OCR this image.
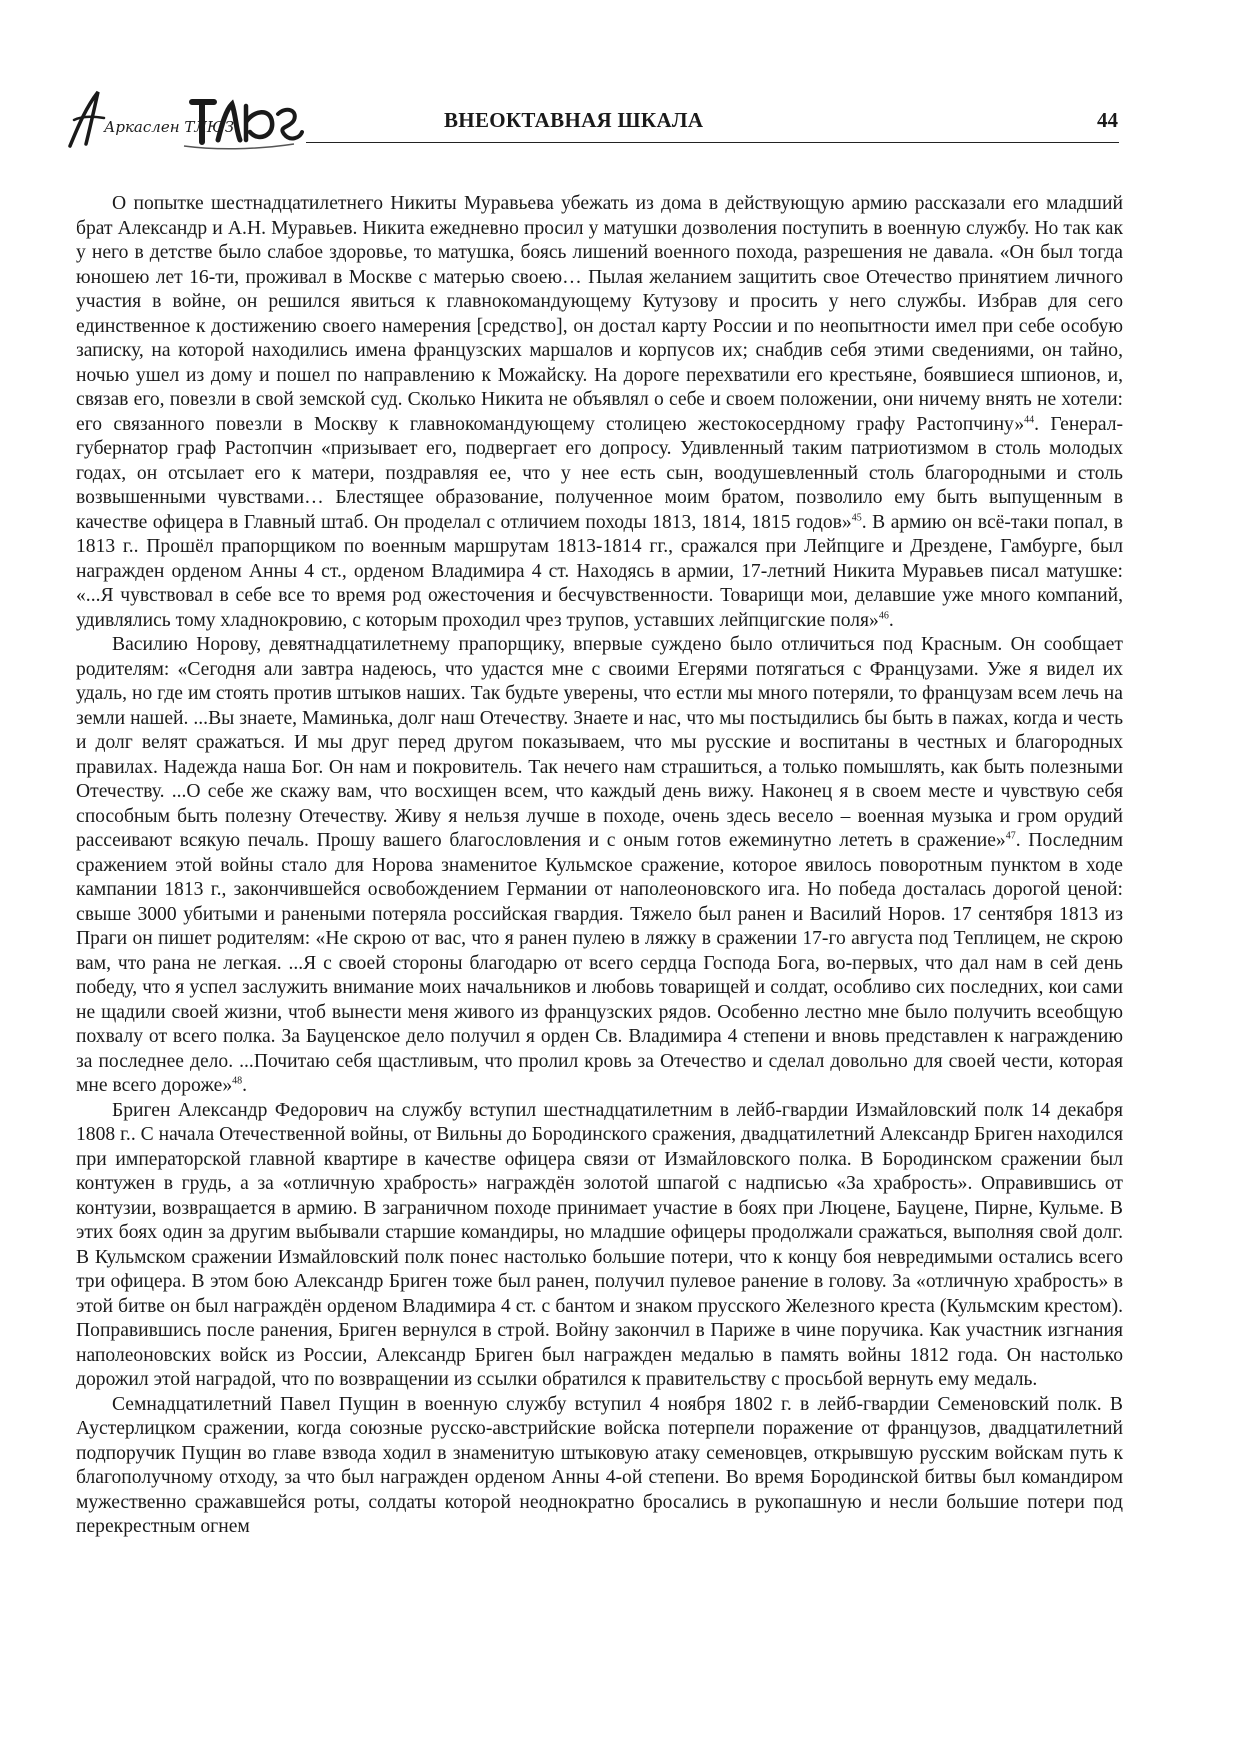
Аркаслен ТЛЮЗ	ВНЕОКТАВНАЯ ШКАЛА	44

О попытке шестнадцатилетнего Никиты Муравьева убежать из дома в действующую армию рассказали его младший брат Александр и А.Н. Муравьев. Никита ежедневно просил у матушки дозволения поступить в военную службу. Но так как у него в детстве было слабое здоровье, то матушка, боясь лишений военного похода, разрешения не давала. «Он был тогда юношею лет 16-ти, проживал в Москве с матерью своею… Пылая желанием защитить свое Отечество принятием личного участия в войне, он решился явиться к главнокомандующему Кутузову и просить у него службы. Избрав для сего единственное к достижению своего намерения [средство], он достал карту России и по неопытности имел при себе особую записку, на которой находились имена французских маршалов и корпусов их; снабдив себя этими сведениями, он тайно, ночью ушел из дому и пошел по направлению к Можайску. На дороге перехватили его крестьяне, боявшиеся шпионов, и, связав его, повезли в свой земской суд. Сколько Никита не объявлял о себе и своем положении, они ничему внять не хотели: его связанного повезли в Москву к главнокомандующему столицею жестокосердному графу Растопчину»$^{44}$. Генерал-губернатор граф Растопчин «призывает его, подвергает его допросу. Удивленный таким патриотизмом в столь молодых годах, он отсылает его к матери, поздравляя ее, что у нее есть сын, воодушевленный столь благородными и столь возвышенными чувствами… Блестящее образование, полученное моим братом, позволило ему быть выпущенным в качестве офицера в Главный штаб. Он проделал с отличием походы 1813, 1814, 1815 годов»$^{45}$. В армию он всё-таки попал, в 1813 г.. Прошёл прапорщиком по военным маршрутам 1813-1814 гг., сражался при Лейпциге и Дрездене, Гамбурге, был награжден орденом Анны 4 ст., орденом Владимира 4 ст. Находясь в армии, 17-летний Никита Муравьев писал матушке: «...Я чувствовал в себе все то время род ожесточения и бесчувственности. Товарищи мои, делавшие уже много компаний, удивлялись тому хладнокровию, с которым проходил чрез трупов, уставших лейпцигские поля»$^{46}$.

Василию Норову, девятнадцатилетнему прапорщику, впервые суждено было отличиться под Красным. Он сообщает родителям: «Сегодня али завтра надеюсь, что удастся мне с своими Егерями потягаться с Французами. Уже я видел их удаль, но где им стоять против штыков наших. Так будьте уверены, что естли мы много потеряли, то французам всем лечь на земли нашей. ...Вы знаете, Маминька, долг наш Отечеству. Знаете и нас, что мы постыдились бы быть в пажах, когда и честь и долг велят сражаться. И мы друг перед другом показываем, что мы русские и воспитаны в честных и благородных правилах. Надежда наша Бог. Он нам и покровитель. Так нечего нам страшиться, а только помышлять, как быть полезными Отечеству. ...О себе же скажу вам, что восхищен всем, что каждый день вижу. Наконец я в своем месте и чувствую себя способным быть полезну Отечеству. Живу я нельзя лучше в походе, очень здесь весело – военная музыка и гром орудий рассеивают всякую печаль. Прошу вашего благословления и с оным готов ежеминутно лететь в сражение»$^{47}$. Последним сражением этой войны стало для Норова знаменитое Кульмское сражение, которое явилось поворотным пунктом в ходе кампании 1813 г., закончившейся освобождением Германии от наполеоновского ига. Но победа досталась дорогой ценой: свыше 3000 убитыми и ранеными потеряла российская гвардия. Тяжело был ранен и Василий Норов. 17 сентября 1813 из Праги он пишет родителям: «Не скрою от вас, что я ранен пулею в ляжку в сражении 17-го августа под Теплицем, не скрою вам, что рана не легкая. ...Я с своей стороны благодарю от всего сердца Господа Бога, во-первых, что дал нам в сей день победу, что я успел заслужить внимание моих начальников и любовь товарищей и солдат, особливо сих последних, кои сами не щадили своей жизни, чтоб вынести меня живого из французских рядов. Особенно лестно мне было получить всеобщую похвалу от всего полка. За Бауценское дело получил я орден Св. Владимира 4 степени и вновь представлен к награждению за последнее дело. ...Почитаю себя щастливым, что пролил кровь за Отечество и сделал довольно для своей чести, которая мне всего дороже»$^{48}$.

Бриген Александр Федорович на службу вступил шестнадцатилетним в лейб-гвардии Измайловский полк 14 декабря 1808 г.. С начала Отечественной войны, от Вильны до Бородинского сражения, двадцатилетний Александр Бриген находился при императорской главной квартире в качестве офицера связи от Измайловского полка. В Бородинском сражении был контужен в грудь, а за «отличную храбрость» награждён золотой шпагой с надписью «За храбрость». Оправившись от контузии, возвращается в армию. В заграничном походе принимает участие в боях при Люцене, Бауцене, Пирне, Кульме. В этих боях один за другим выбывали старшие командиры, но младшие офицеры продолжали сражаться, выполняя свой долг. В Кульмском сражении Измайловский полк понес настолько большие потери, что к концу боя невредимыми остались всего три офицера. В этом бою Александр Бриген тоже был ранен, получил пулевое ранение в голову. За «отличную храбрость» в этой битве он был награждён орденом Владимира 4 ст. с бантом и знаком прусского Железного креста (Кульмским крестом). Поправившись после ранения, Бриген вернулся в строй. Войну закончил в Париже в чине поручика. Как участник изгнания наполеоновских войск из России, Александр Бриген был награжден медалью в память войны 1812 года. Он настолько дорожил этой наградой, что по возвращении из ссылки обратился к правительству с просьбой вернуть ему медаль.

Семнадцатилетний Павел Пущин в военную службу вступил 4 ноября 1802 г. в лейб-гвардии Семеновский полк. В Аустерлицком сражении, когда союзные русско-австрийские войска потерпели поражение от французов, двадцатилетний подпоручик Пущин во главе взвода ходил в знаменитую штыковую атаку семеновцев, открывшую русским войскам путь к благополучному отходу, за что был награжден орденом Анны 4-ой степени. Во время Бородинской битвы был командиром мужественно сражавшейся роты, солдаты которой неоднократно бросались в рукопашную и несли большие потери под перекрестным огнем
